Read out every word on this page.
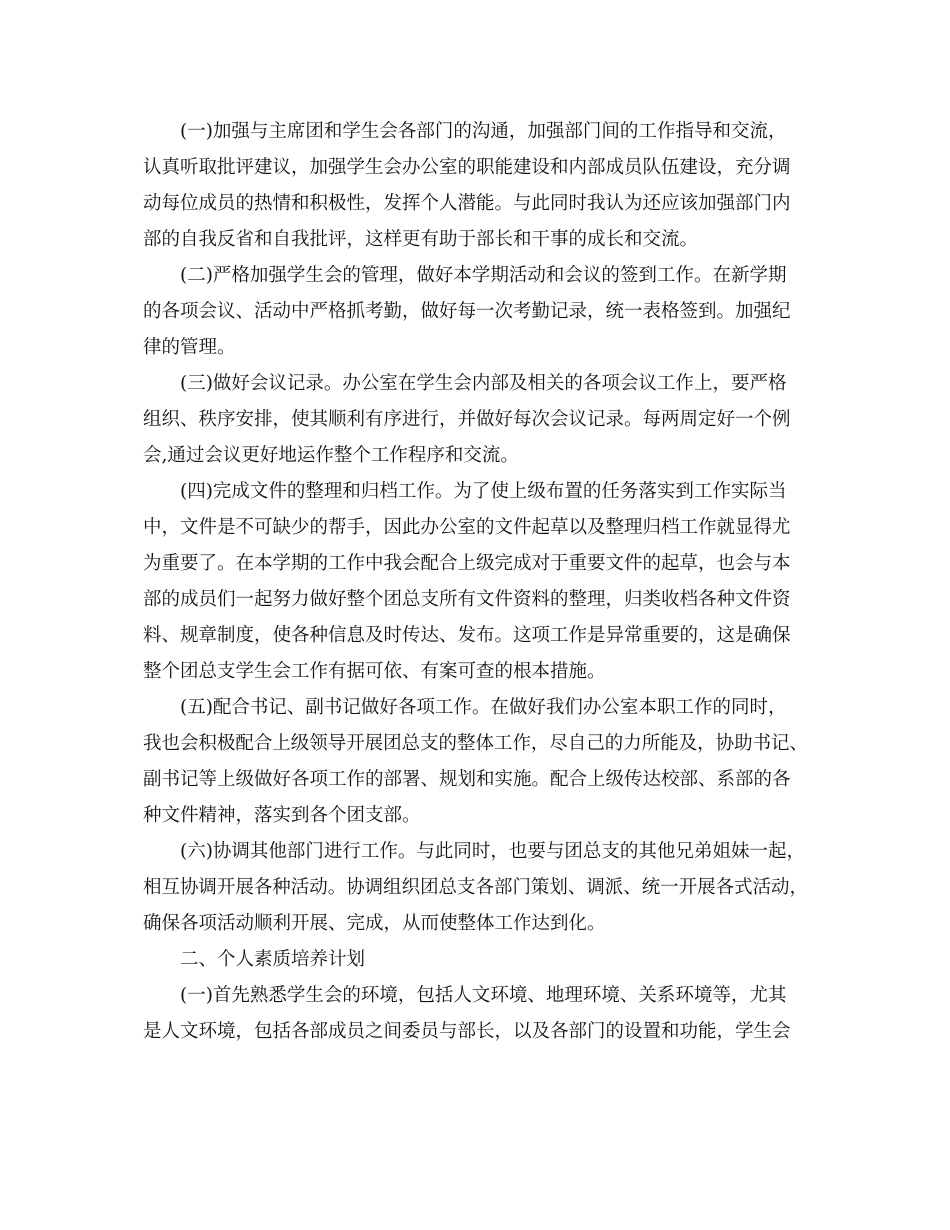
(一)加强与主席团和学生会各部门的沟通，加强部门间的工作指导和交流，
认真听取批评建议，加强学生会办公室的职能建设和内部成员队伍建设，充分调
动每位成员的热情和积极性，发挥个人潜能。与此同时我认为还应该加强部门内
部的自我反省和自我批评，这样更有助于部长和干事的成长和交流。
(二)严格加强学生会的管理，做好本学期活动和会议的签到工作。在新学期
的各项会议、活动中严格抓考勤，做好每一次考勤记录，统一表格签到。加强纪
律的管理。
(三)做好会议记录。办公室在学生会内部及相关的各项会议工作上，要严格
组织、秩序安排，使其顺利有序进行，并做好每次会议记录。每两周定好一个例
会,通过会议更好地运作整个工作程序和交流。
(四)完成文件的整理和归档工作。为了使上级布置的任务落实到工作实际当
中，文件是不可缺少的帮手，因此办公室的文件起草以及整理归档工作就显得尤
为重要了。在本学期的工作中我会配合上级完成对于重要文件的起草，也会与本
部的成员们一起努力做好整个团总支所有文件资料的整理，归类收档各种文件资
料、规章制度，使各种信息及时传达、发布。这项工作是异常重要的，这是确保
整个团总支学生会工作有据可依、有案可查的根本措施。
(五)配合书记、副书记做好各项工作。在做好我们办公室本职工作的同时，
我也会积极配合上级领导开展团总支的整体工作，尽自己的力所能及，协助书记、
副书记等上级做好各项工作的部署、规划和实施。配合上级传达校部、系部的各
种文件精神，落实到各个团支部。
(六)协调其他部门进行工作。与此同时，也要与团总支的其他兄弟姐妹一起，
相互协调开展各种活动。协调组织团总支各部门策划、调派、统一开展各式活动，
确保各项活动顺利开展、完成，从而使整体工作达到化。
二、个人素质培养计划
(一)首先熟悉学生会的环境，包括人文环境、地理环境、关系环境等，尤其
是人文环境，包括各部成员之间委员与部长，以及各部门的设置和功能，学生会
